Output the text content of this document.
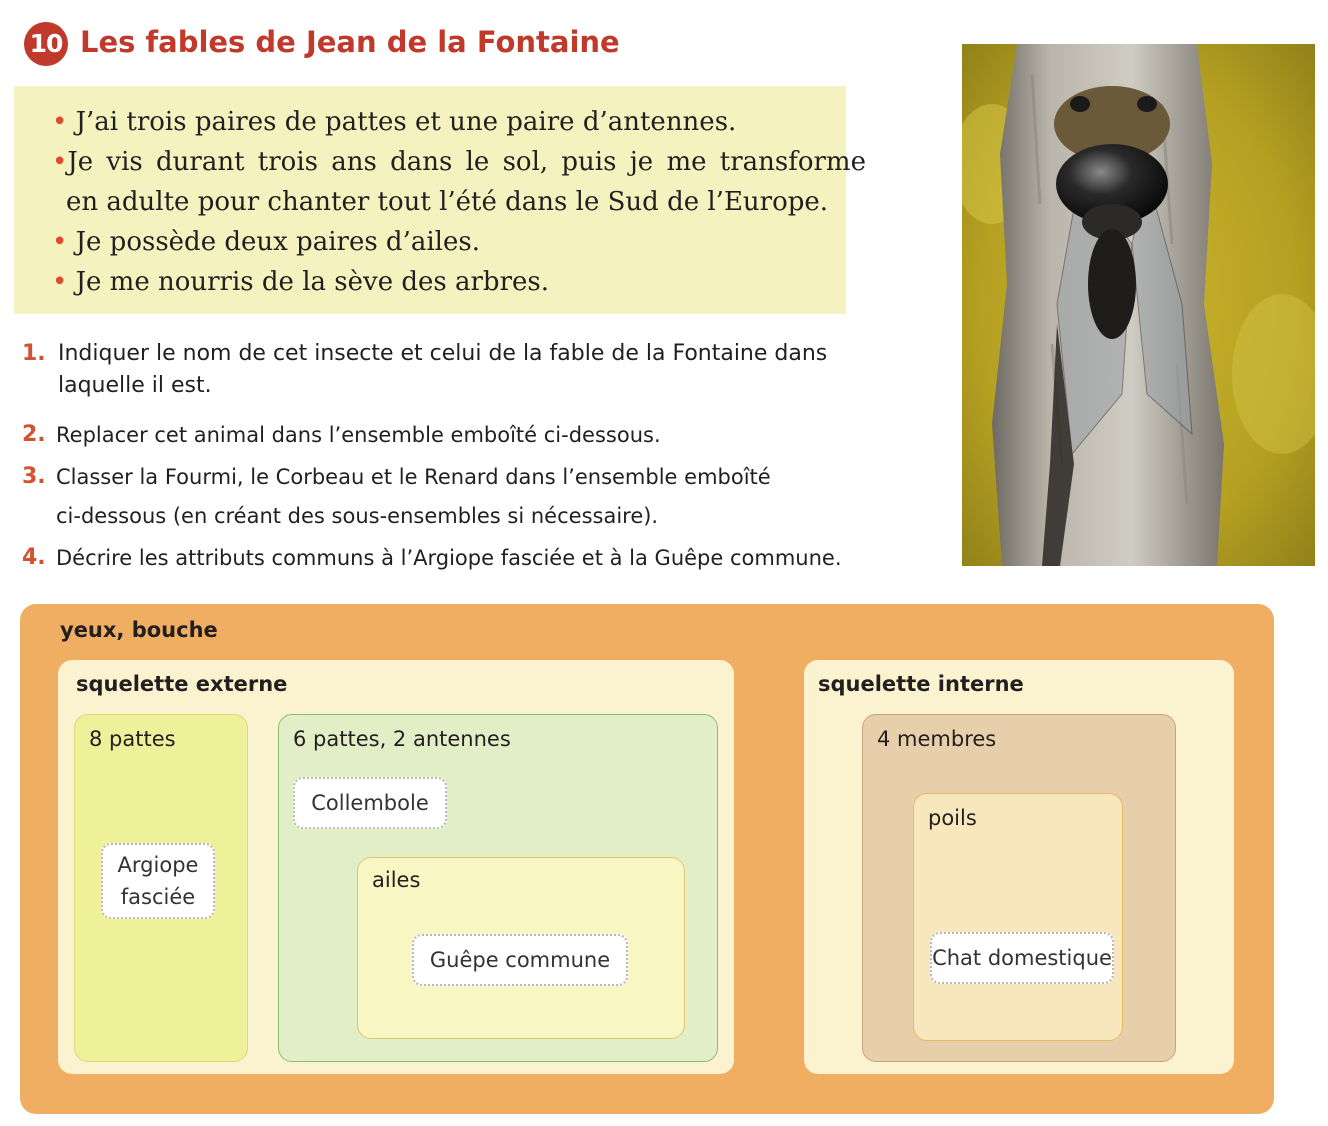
10 Les fables de Jean de la Fontaine
• J’ai trois paires de pattes et une paire d’antennes.
•Je vis durant trois ans dans le sol, puis je me transforme
en adulte pour chanter tout l’été dans le Sud de l’Europe.
• Je possède deux paires d’ailes.
• Je me nourris de la sève des arbres.
1. Indiquer le nom de cet insecte et celui de la fable de la Fontaine dans
laquelle il est.
2. Replacer cet animal dans l’ensemble emboîté ci-dessous.
3. Classer la Fourmi, le Corbeau et le Renard dans l’ensemble emboîté
ci-dessous (en créant des sous-ensembles si nécessaire).
4. Décrire les attributs communs à l’Argiope fasciée et à la Guêpe commune.
yeux, bouche
squelette externe
8 pattes
Argiope
fasciée
6 pattes, 2 antennes
Collembole
ailes
Guêpe commune
squelette interne
4 membres
poils
Chat domestique
